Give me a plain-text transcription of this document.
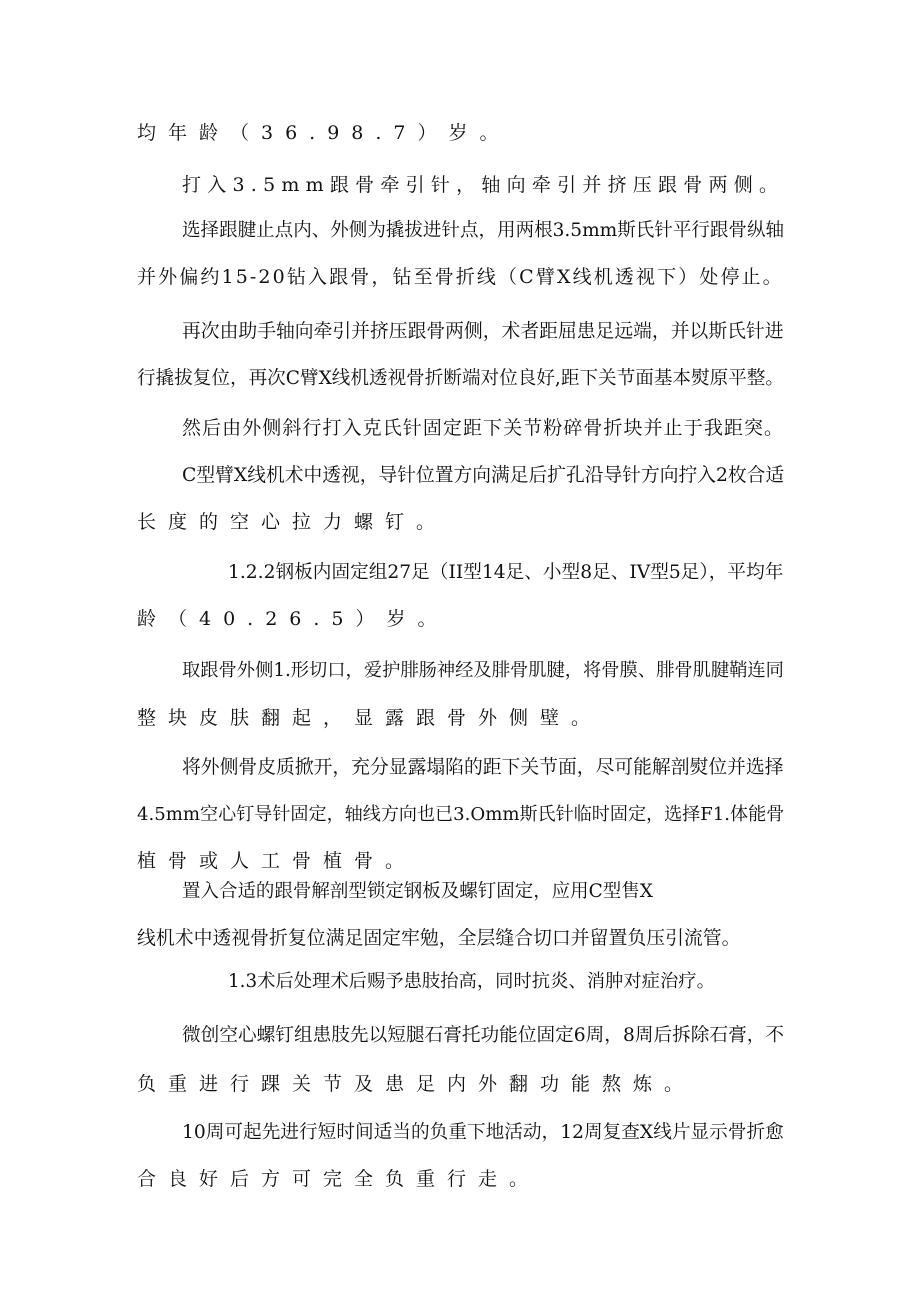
均年龄（36.98.7）岁。
打入3.5mm跟骨牵引针，轴向牵引并挤压跟骨两侧。
选择跟腱止点内、外侧为撬拔进针点，用两根3.5mm斯氏针平行跟骨纵轴
并外偏约15-20钻入跟骨，钻至骨折线（C臂X线机透视下）处停止。
再次由助手轴向牵引并挤压跟骨两侧，术者距屈患足远端，并以斯氏针进
行撬拔复位，再次C臂X线机透视骨折断端对位良好,距下关节面基本熨原平整。
然后由外侧斜行打入克氏针固定距下关节粉碎骨折块并止于我距突。
C型臂X线机术中透视，导针位置方向满足后扩孔沿导针方向拧入2枚合适
长度的空心拉力螺钉。
1.2.2钢板内固定组27足（II型14足、小型8足、IV型5足），平均年
龄（40.26.5）岁。
取跟骨外侧1.形切口，爱护腓肠神经及腓骨肌腱，将骨膜、腓骨肌腱鞘连同
整块皮肤翻起，显露跟骨外侧壁。
将外侧骨皮质掀开，充分显露塌陷的距下关节面，尽可能解剖熨位并选择
4.5mm空心钉导针固定，轴线方向也已3.Omm斯氏针临时固定，选择F1.体能骨
植骨或人工骨植骨。
置入合适的跟骨解剖型锁定钢板及螺钉固定，应用C型售X
线机术中透视骨折复位满足固定牢勉，全层缝合切口并留置负压引流管。
1.3术后处理术后赐予患肢抬高，同时抗炎、消肿对症治疗。
微创空心螺钉组患肢先以短腿石膏托功能位固定6周，8周后拆除石膏，不
负重进行踝关节及患足内外翻功能熬炼。
10周可起先进行短时间适当的负重下地活动，12周复查X线片显示骨折愈
合良好后方可完全负重行走。
